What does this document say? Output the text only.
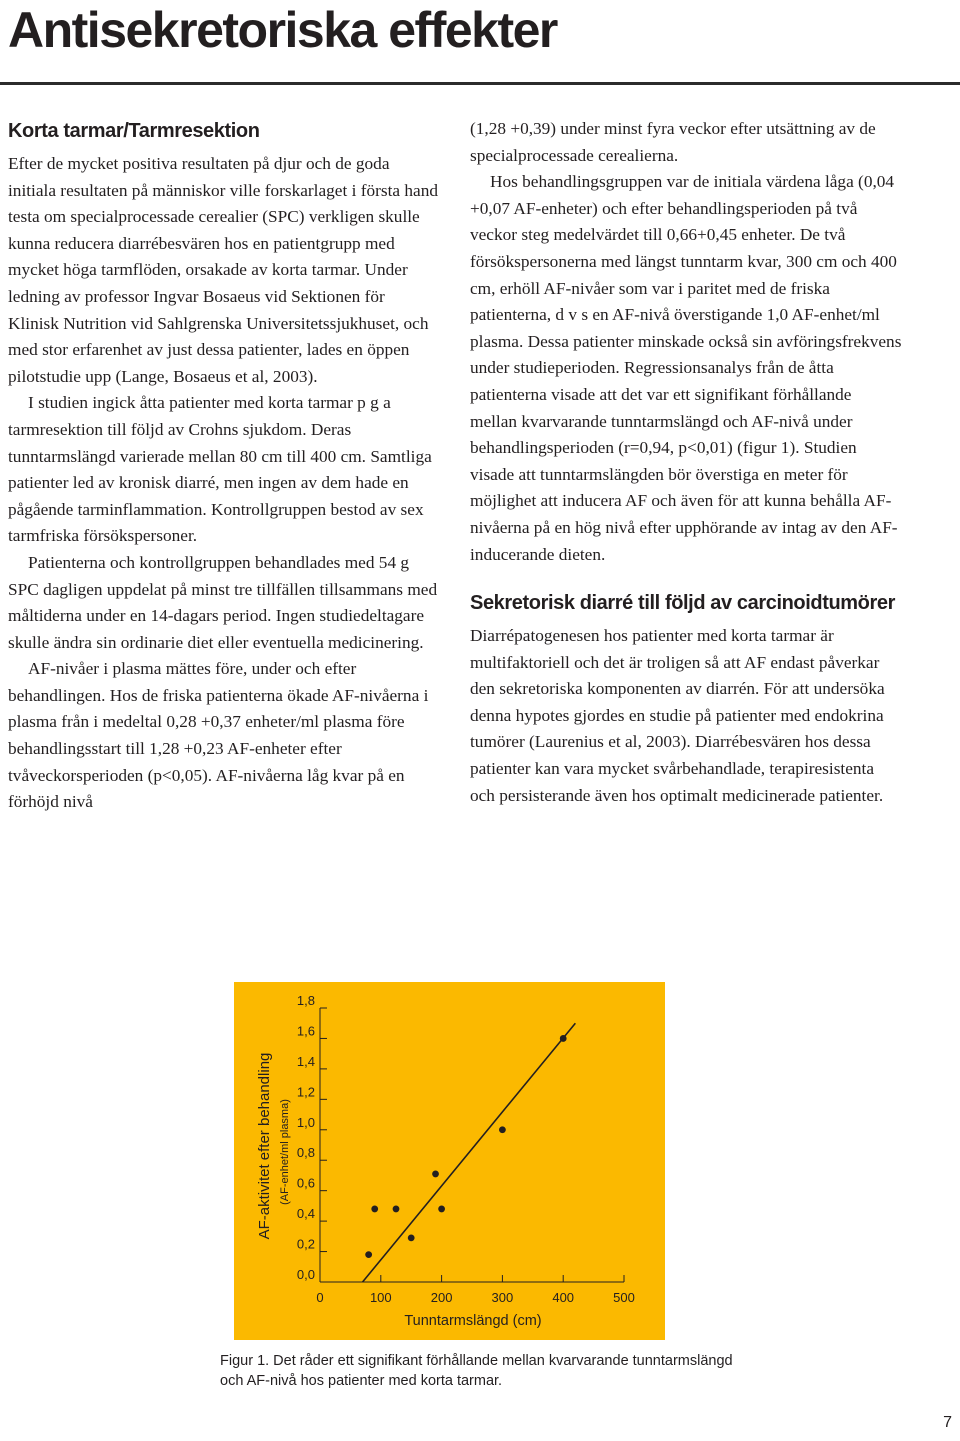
Antisekretoriska effekter
Korta tarmar/Tarmresektion

Efter de mycket positiva resultaten på djur och de goda initiala resultaten på människor ville forskarlaget i första hand testa om specialprocessade cerealier (SPC) verkligen skulle kunna reducera diarrébesvären hos en patientgrupp med mycket höga tarmflöden, orsakade av korta tarmar. Under ledning av professor Ingvar Bosaeus vid Sektionen för Klinisk Nutrition vid Sahlgrenska Universitetssjukhuset, och med stor erfarenhet av just dessa patienter, lades en öppen pilotstudie upp (Lange, Bosaeus et al, 2003).

I studien ingick åtta patienter med korta tarmar p g a tarmresektion till följd av Crohns sjukdom. Deras tunntarmslängd varierade mellan 80 cm till 400 cm. Samtliga patienter led av kronisk diarré, men ingen av dem hade en pågående tarminflammation. Kontrollgruppen bestod av sex tarmfriska försökspersoner.

Patienterna och kontrollgruppen behandlades med 54 g SPC dagligen uppdelat på minst tre tillfällen tillsammans med måltiderna under en 14-dagars period. Ingen studiedeltagare skulle ändra sin ordinarie diet eller eventuella medicinering.

AF-nivåer i plasma mättes före, under och efter behandlingen. Hos de friska patienterna ökade AF-nivåerna i plasma från i medeltal 0,28 +0,37 enheter/ml plasma före behandlingsstart till 1,28 +0,23 AF-enheter efter tvåveckorsperioden (p<0,05). AF-nivåerna låg kvar på en förhöjd nivå

(1,28 +0,39) under minst fyra veckor efter utsättning av de specialprocessade cerealierna.

Hos behandlingsgruppen var de initiala värdena låga (0,04 +0,07 AF-enheter) och efter behandlingsperioden på två veckor steg medelvärdet till 0,66+0,45 enheter. De två försökspersonerna med längst tunntarm kvar, 300 cm och 400 cm, erhöll AF-nivåer som var i paritet med de friska patienterna, d v s en AF-nivå överstigande 1,0 AF-enhet/ml plasma. Dessa patienter minskade också sin avföringsfrekvens under studieperioden. Regressionsanalys från de åtta patienterna visade att det var ett signifikant förhållande mellan kvarvarande tunntarmslängd och AF-nivå under behandlingsperioden (r=0,94, p<0,01) (figur 1). Studien visade att tunntarmslängden bör överstiga en meter för möjlighet att inducera AF och även för att kunna behålla AF-nivåerna på en hög nivå efter upphörande av intag av den AF-inducerande dieten.

Sekretorisk diarré till följd av carcinoidtumörer

Diarrépatogenesen hos patienter med korta tarmar är multifaktoriell och det är troligen så att AF endast påverkar den sekretoriska komponenten av diarrén. För att undersöka denna hypotes gjordes en studie på patienter med endokrina tumörer (Laurenius et al, 2003). Diarrébesvären hos dessa patienter kan vara mycket svårbehandlade, terapiresistenta och persisterande även hos optimalt medicinerade patienter.

AF-aktivitet efter behandling (AF-enhet/ml plasma)
0,0
0,2
0,4
0,6
0,8
1,0
1,2
1,4
1,6
1,8
0	100	200	300	400	500
Tunntarmslängd (cm)
Figur 1. Det råder ett signifikant förhållande mellan kvarvarande tunntarmslängd och AF-nivå hos patienter med korta tarmar.
7
